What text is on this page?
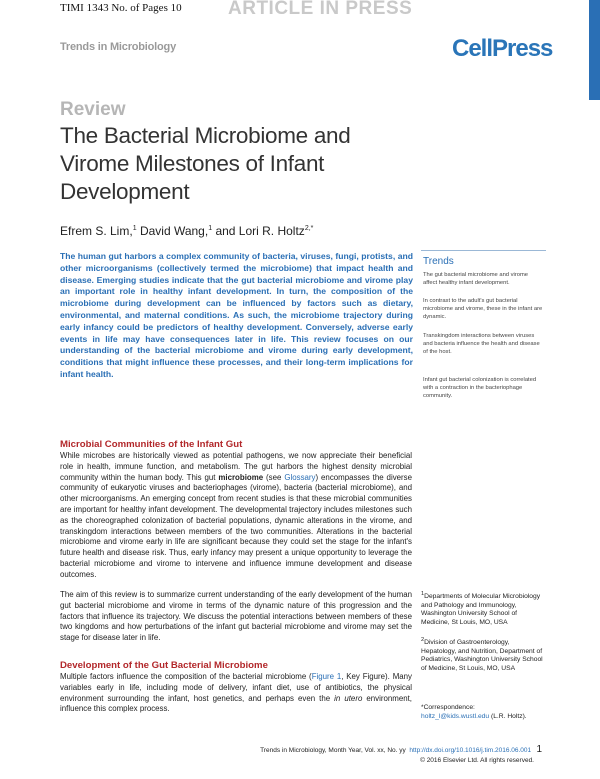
TIMI 1343 No. of Pages 10 ARTICLE IN PRESS
Trends in Microbiology	CellPress
Review
The Bacterial Microbiome and Virome Milestones of Infant Development
Efrem S. Lim,$^1$ David Wang,$^1$ and Lori R. Holtz$^{2,*}$

The human gut harbors a complex community of bacteria, viruses, fungi, protists, and other microorganisms (collectively termed the microbiome) that impact health and disease. Emerging studies indicate that the gut bacterial microbiome and virome play an important role in healthy infant development. In turn, the composition of the microbiome during development can be influenced by factors such as dietary, environmental, and maternal conditions. As such, the microbiome trajectory during early infancy could be predictors of healthy development. Conversely, adverse early events in life may have consequences later in life. This review focuses on our understanding of the bacterial microbiome and virome during early development, conditions that might influence these processes, and their long-term implications for infant health.

Trends

The gut bacterial microbiome and virome affect healthy infant development.

In contrast to the adult's gut bacterial microbiome and virome, these in the infant are dynamic.

Transkingdom interactions between viruses and bacteria influence the health and disease of the host.

Infant gut bacterial colonization is correlated with a contraction in the bacteriophage community.

Microbial Communities of the Infant Gut

While microbes are historically viewed as potential pathogens, we now appreciate their beneficial role in health, immune function, and metabolism. The gut harbors the highest density microbial community within the human body. This gut microbiome (see Glossary) encompasses the diverse community of eukaryotic viruses and bacteriophages (virome), bacteria (bacterial microbiome), and other microorganisms. An emerging concept from recent studies is that these microbial communities are important for healthy infant development. The developmental trajectory includes milestones such as the choreographed colonization of bacterial populations, dynamic alterations in the virome, and transkingdom interactions between members of the two communities. Alterations in the bacterial microbiome and virome early in life are significant because they could set the stage for the infant's future health and disease risk. Thus, early infancy may present a unique opportunity to leverage the bacterial microbiome and virome to intervene and influence immune development and disease outcomes.

The aim of this review is to summarize current understanding of the early development of the human gut bacterial microbiome and virome in terms of the dynamic nature of this progression and the factors that influence its trajectory. We discuss the potential interactions between members of these two kingdoms and how perturbations of the infant gut bacterial microbiome and virome may set the stage for disease later in life.

Development of the Gut Bacterial Microbiome

Multiple factors influence the composition of the bacterial microbiome (Figure 1, Key Figure). Many variables early in life, including mode of delivery, infant diet, use of antibiotics, the physical environment surrounding the infant, host genetics, and perhaps even the in utero environment, influence this complex process.

$^1$Departments of Molecular Microbiology and Pathology and Immunology, Washington University School of Medicine, St Louis, MO, USA
$^2$Division of Gastroenterology, Hepatology, and Nutrition, Department of Pediatrics, Washington University School of Medicine, St Louis, MO, USA
*Correspondence:
holtz_l@kids.wustl.edu (L.R. Holtz).
Trends in Microbiology, Month Year, Vol. xx, No. yy http://dx.doi.org/10.1016/j.tim.2016.06.001 1
© 2016 Elsevier Ltd. All rights reserved.
